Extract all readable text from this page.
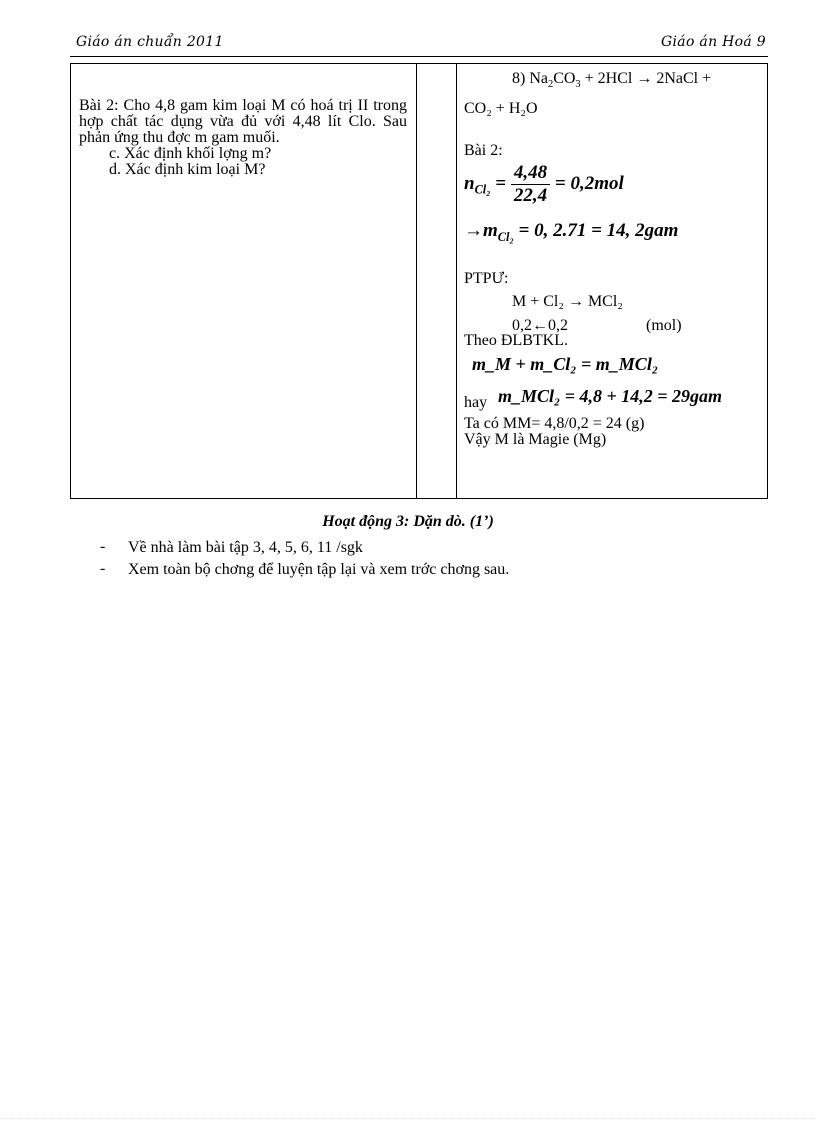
Giáo án chuẩn 2011	Giáo án Hoá 9
Bài 2: Cho 4,8 gam kim loại M có hoá trị II trong hợp chất tác dụng vừa đủ với 4,48 lít Clo. Sau phản ứng thu đợc m gam muối.
c. Xác định khối lợng m?
d. Xác định kim loại M?
8) $Na_2CO_3 + 2HCl$ → 2NaCl +
CO₂ + H₂O
Bài 2:
$n_{Cl_2} = \frac{4,48}{22,4} = 0,2mol$
$\to m_{Cl_2} = 0$, 2.71 = 14, 2gam
PTPƯ:
M + Cl₂ → MCl₂
0,2←0,2	(mol)
Theo ĐLBTKL.
m_M + m_Cl₂ = m_MCl₂
hay m_MCl₂ = 4,8 + 14,2 = 29gam
Ta có MM= 4,8/0,2 = 24 (g)
Vậy M là Magie (Mg)
Hoạt động 3: Dặn dò. (1’)
- Về nhà làm bài tập 3, 4, 5, 6, 11 /sgk
- Xem toàn bộ chơng để luyện tập lại và xem trớc chơng sau.
